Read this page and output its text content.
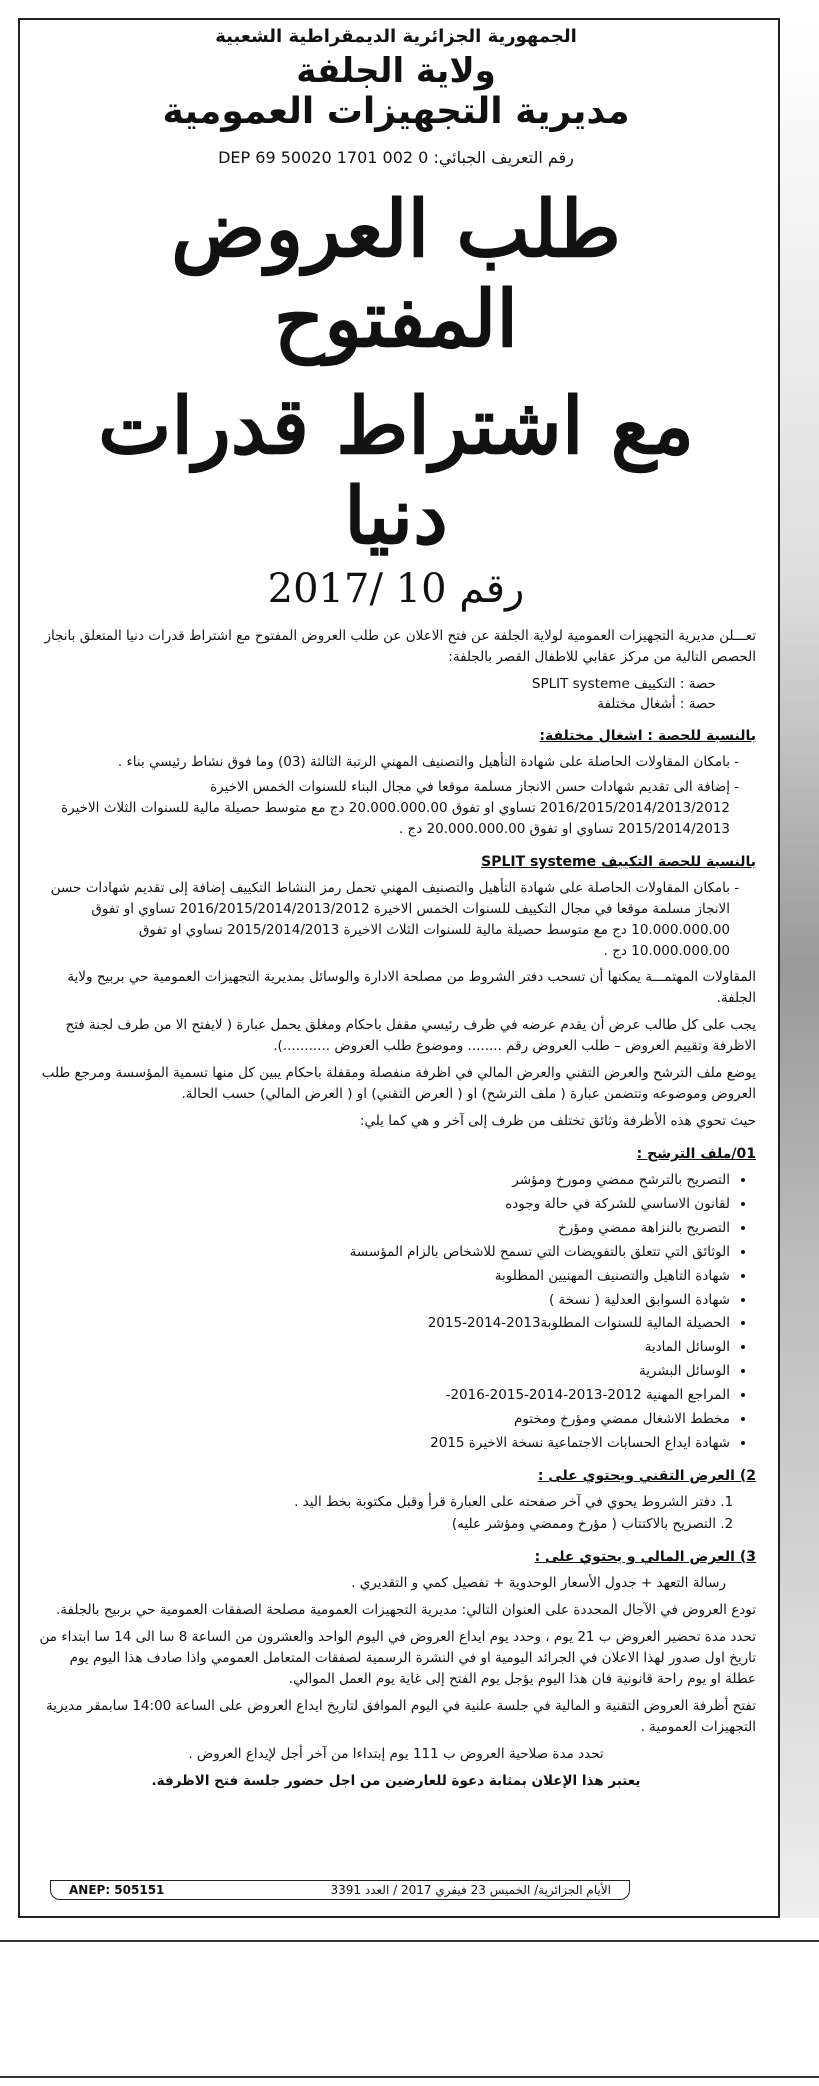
الجمهورية الجزائرية الديمقراطية الشعبية
ولاية الجلفة
مديرية التجهيزات العمومية
رقم التعريف الجبائي: 0 002 1701 50020 69 DEP
طلب العروض المفتوح
مع اشتراط قدرات دنيا
رقم 10 /2017

تعـــلن مديرية التجهيزات العمومية لولاية الجلفة عن فتح الاعلان عن طلب العروض المفتوح مع اشتراط قدرات دنيا المتعلق بانجاز الحصص التالية من مركز عقابي للاطفال القصر بالجلفة:

حصة : التكييف SPLIT systeme
حصة : أشغال مختلفة
بالنسبة للحصة : اشغال مختلفة:
- بامكان المقاولات الحاصلة على شهادة التأهيل والتصنيف المهني الرتبة الثالثة (03) وما فوق نشاط رئيسي بناء .
- إضافة الى تقديم شهادات حسن الانجاز مسلمة موقعا في مجال البناء للسنوات الخمس الاخيرة 2016/2015/2014/2013/2012 تساوي او تفوق 20.000.000.00 دج مع متوسط حصيلة مالية للسنوات الثلاث الاخيرة 2015/2014/2013 تساوي او تفوق 20.000.000.00 دج .
بالنسبة للحصة التكييف SPLIT systeme
- بامكان المقاولات الحاصلة على شهادة التأهيل والتصنيف المهني تحمل رمز النشاط التكييف إضافة إلى تقديم شهادات حسن الانجاز مسلمة موقعا في مجال التكييف للسنوات الخمس الاخيرة 2016/2015/2014/2013/2012 تساوي او تفوق 10.000.000.00 دج مع متوسط حصيلة مالية للسنوات الثلاث الاخيرة 2015/2014/2013 تساوي او تفوق 10.000.000.00 دج .

المقاولات المهتمـــة يمكنها أن تسحب دفتر الشروط من مصلحة الادارة والوسائل بمديرية التجهيزات العمومية حي بربيح ولاية الجلفة.

يجب على كل طالب عرض أن يقدم عرضه في ظرف رئيسي مقفل باحكام ومغلق يحمل عبارة ( لايفتح الا من طرف لجنة فتح الاظرفة وتقييم العروض – طلب العروض رقم ........ وموضوع طلب العروض ...........).

يوضع ملف الترشح والعرض التقني والعرض المالي في اظرفة منفصلة ومقفلة باحكام يبين كل منها تسمية المؤسسة ومرجع طلب العروض وموضوعه وتتضمن عبارة ( ملف الترشح) او ( العرض التقني) او ( العرض المالي) حسب الحالة.

حيث تحوي هذه الأظرفة وثائق تختلف من ظرف إلى آخر و هي كما يلي:

01/ملف الترشح :
• التصريح بالترشح ممضي ومورخ ومؤشر
• لقانون الاساسي للشركة في حالة وجوده
• التصريح بالنزاهة ممضي ومؤرخ
• الوثائق التي تتعلق بالتفويضات التي تسمح للاشخاص بالزام المؤسسة
• شهادة التاهيل والتصنيف المهنيين المطلوبة
• شهادة السوابق العدلية ( نسخة )
• الحصيلة المالية للسنوات المطلوبة2013-2014-2015
• الوسائل المادية
• الوسائل البشرية
• المراجع المهنية 2012-2013-2014-2015-2016-
• مخطط الاشغال ممضي ومؤرخ ومختوم
• شهادة ايداع الحسابات الاجتماعية نسخة الاخيرة 2015
2) العرض التقني ويحتوي على :
1. دفتر الشروط يحوي في آخر صفحته على العبارة قرأ وقبل مكتوبة بخط اليد .
2. التصريح بالاكتتاب ( مؤرخ وممضي ومؤشر عليه)
3) العرض المالي و يحتوي على :

رسالة التعهد + جدول الأسعار الوحدوية + تفصيل كمي و التقديري .

تودع العروض في الآجال المحددة على العنوان التالي: مديرية التجهيزات العمومية مصلحة الصفقات العمومية حي بربيح بالجلفة.

تحدد مدة تحضير العروض ب 21 يوم ، وحدد يوم ايداع العروض في اليوم الواحد والعشرون من الساعة 8 سا الى 14 سا ابتداء من تاريخ اول صدور لهذا الاعلان في الجرائد اليومية او في النشرة الرسمية لصفقات المتعامل العمومي واذا صادف هذا اليوم يوم عطلة او يوم راحة قانونية فان هذا اليوم يؤجل يوم الفتح إلى غاية يوم العمل الموالي.

تفتح أظرفة العروض التقنية و المالية في جلسة علنية في اليوم الموافق لتاريخ ايداع العروض على الساعة 14:00 سابمقر مديرية التجهيزات العمومية .

تحدد مدة صلاحية العروض ب 111 يوم إبتداءا من آخر أجل لإيداع العروض .

يعتبر هذا الإعلان بمثابة دعوة للعارضين من اجل حضور جلسة فتح الاظرفة.

ANEP: 505151	الأيام الجزائرية/ الخميس 23 فيفري 2017 / العدد 3391
